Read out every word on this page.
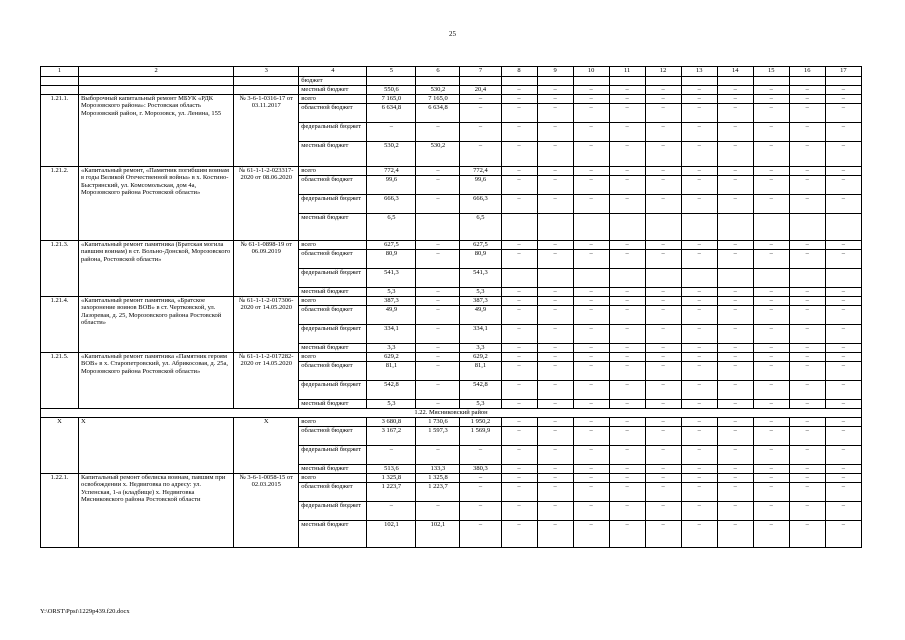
25
1	2	3	4	5	6	7	8	9	10	11	12	13	14	15	16	17
			бюджет													
			местный бюджет	550,6	530,2	20,4	–	–	–	–	–	–	–	–	–	–
1.21.1.	Выборочный капитальный ремонт МБУК «РДК Морозовского района»: Ростовская область Морозовский район, г. Морозовск, ул. Ленина, 155	№ 3-6-1-0316-17 от 03.11.2017	всего	7 165,0	7 165,0	–	–	–	–	–	–	–	–	–	–	–
			областной бюджет	6 634,8	6 634,8	–	–	–	–	–	–	–	–	–	–	–
			федеральный бюджет	–	–	–	–	–	–	–	–	–	–	–	–	–
			местный бюджет	530,2	530,2	–	–	–	–	–	–	–	–	–	–	–
1.21.2.	«Капитальный ремонт, «Памятник погибшим воинам в годы Великой Отечественной войны» в х. Костино-Быстрянский, ул. Комсомольская, дом 4а, Морозовского района Ростовской области»	№ 61-1-1-2-023317-2020 от 08.06.2020	всего	772,4	–	772,4	–	–	–	–	–	–	–	–	–	–
			областной бюджет	99,6	–	99,6	–	–	–	–	–	–	–	–	–	–
			федеральный бюджет	666,3	–	666,3	–	–	–	–	–	–	–	–	–	–
			местный бюджет	6,5		6,5										
1.21.3.	«Капитальный ремонт памятника (Братская могила павшим воинам) в ст. Вольно-Донской, Морозовского района, Ростовской области»	№ 61-1-0898-19 от 06.09.2019	всего	627,5	–	627,5	–	–	–	–	–	–	–	–	–	–
			областной бюджет	80,9	–	80,9	–	–	–	–	–	–	–	–	–	–
			федеральный бюджет	541,3		541,3										
			местный бюджет	5,3	–	5,3	–	–	–	–	–	–	–	–	–	–
1.21.4.	«Капитальный ремонт памятника, «Братское захоронение воинов ВОВ» в ст. Чертковской, ул. Лазоревая, д. 25, Морозовского района Ростовской области»	№ 61-1-1-2-017306-2020 от 14.05.2020	всего	387,3	–	387,3	–	–	–	–	–	–	–	–	–	–
			областной бюджет	49,9	–	49,9	–	–	–	–	–	–	–	–	–	–
			федеральный бюджет	334,1	–	334,1	–	–	–	–	–	–	–	–	–	–
			местный бюджет	3,3	–	3,3	–	–	–	–	–	–	–	–	–	–
1.21.5.	«Капитальный ремонт памятника «Памятник героям ВОВ» в х. Старопетровский, ул. Абрикосовая, д. 25а, Морозовского района Ростовской области»	№ 61-1-1-2-017282-2020 от 14.05.2020	всего	629,2	–	629,2	–	–	–	–	–	–	–	–	–	–
			областной бюджет	81,1	–	81,1	–	–	–	–	–	–	–	–	–	–
			федеральный бюджет	542,8	–	542,8	–	–	–	–	–	–	–	–	–	–
			местный бюджет	5,3	–	5,3	–	–	–	–	–	–	–	–	–	–
1.22. Мясниковский район																
Х	Х	Х	всего	3 680,8	1 730,6	1 950,2	–	–	–	–	–	–	–	–	–	–
			областной бюджет	3 167,2	1 597,3	1 569,9	–	–	–	–	–	–	–	–	–	–
			федеральный бюджет	–	–	–	–	–	–	–	–	–	–	–	–	–
			местный бюджет	513,6	133,3	380,3	–	–	–	–	–	–	–	–	–	–
1.22.1.	Капитальный ремонт обелиска воинам, павшим при освобождении х. Недвиговка по адресу: ул. Успенская, 1-а (кладбище) х. Недвиговка Мясниковского района Ростовской области	№ 3-6-1-0058-15 от 02.03.2015	всего	1 325,8	1 325,8	–	–	–	–	–	–	–	–	–	–	–
			областной бюджет	1 223,7	1 223,7	–	–	–	–	–	–	–	–	–	–	–
			федеральный бюджет	–	–	–	–	–	–	–	–	–	–	–	–	–
			местный бюджет	102,1	102,1	–	–	–	–	–	–	–	–	–	–	–
Y:\ORST\Ppsi\1229p439.f20.docx
